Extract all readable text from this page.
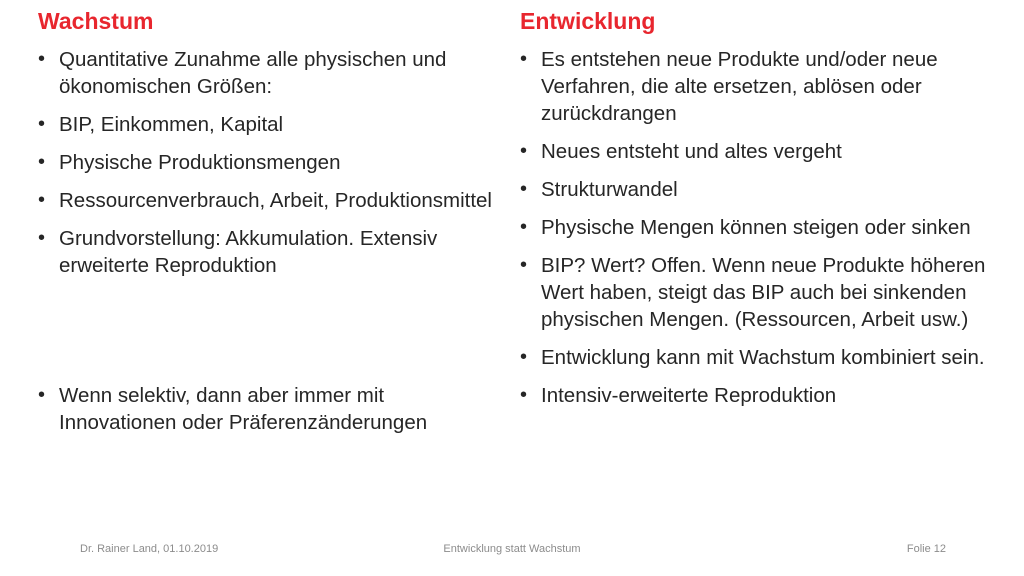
Wachstum
• Quantitative Zunahme alle physischen und ökonomischen Größen:
• BIP, Einkommen, Kapital
• Physische Produktionsmengen
• Ressourcenverbrauch, Arbeit, Produktionsmittel
• Grundvorstellung: Akkumulation. Extensiv erweiterte Reproduktion
• Wenn selektiv, dann aber immer mit Innovationen oder Präferenzänderungen
Entwicklung
• Es entstehen neue Produkte und/oder neue Verfahren, die alte ersetzen, ablösen oder zurückdrangen
• Neues entsteht und altes vergeht
• Strukturwandel
• Physische Mengen können steigen oder sinken
• BIP? Wert? Offen. Wenn neue Produkte höheren Wert haben, steigt das BIP auch bei sinkenden physischen Mengen. (Ressourcen, Arbeit usw.)
• Entwicklung kann mit Wachstum kombiniert sein.
• Intensiv-erweiterte Reproduktion
Dr. Rainer Land, 01.10.2019	Entwicklung statt Wachstum	Folie 12
